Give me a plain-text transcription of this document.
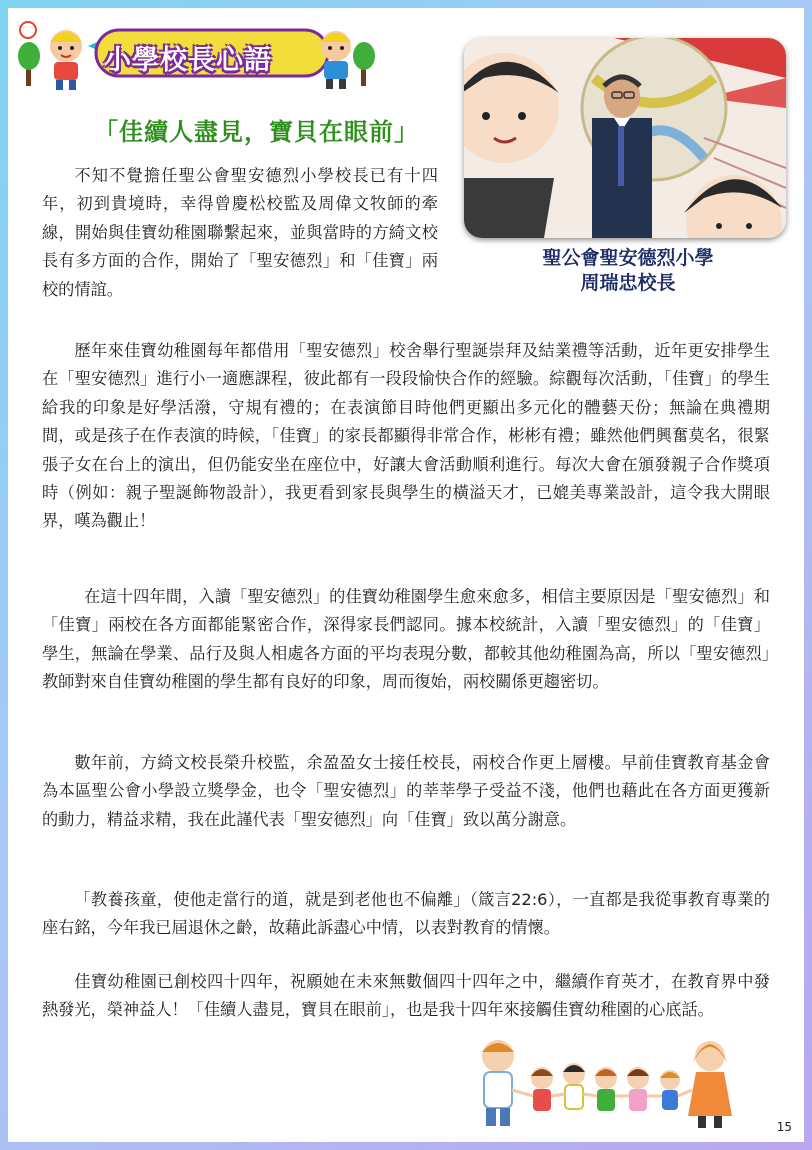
小學校長心語
「佳續人盡見，寶貝在眼前」
聖公會聖安德烈小學
周瑞忠校長
不知不覺擔任聖公會聖安德烈小學校長已有十四年，初到貴境時，幸得曾慶松校監及周偉文牧師的牽線，開始與佳寶幼稚園聯繫起來，並與當時的方綺文校長有多方面的合作，開始了「聖安德烈」和「佳寶」兩校的情誼。
歷年來佳寶幼稚園每年都借用「聖安德烈」校舍舉行聖誕崇拜及結業禮等活動，近年更安排學生在「聖安德烈」進行小一適應課程，彼此都有一段段愉快合作的經驗。綜觀每次活動，「佳寶」的學生給我的印象是好學活潑，守規有禮的；在表演節目時他們更顯出多元化的體藝天份；無論在典禮期間，或是孩子在作表演的時候，「佳寶」的家長都顯得非常合作，彬彬有禮；雖然他們興奮莫名，很緊張子女在台上的演出，但仍能安坐在座位中，好讓大會活動順利進行。每次大會在頒發親子合作獎項時（例如：親子聖誕飾物設計），我更看到家長與學生的橫溢天才，已媲美專業設計，這令我大開眼界，嘆為觀止！
在這十四年間，入讀「聖安德烈」的佳寶幼稚園學生愈來愈多，相信主要原因是「聖安德烈」和「佳寶」兩校在各方面都能緊密合作，深得家長們認同。據本校統計，入讀「聖安德烈」的「佳寶」學生，無論在學業、品行及與人相處各方面的平均表現分數，都較其他幼稚園為高，所以「聖安德烈」教師對來自佳寶幼稚園的學生都有良好的印象，周而復始，兩校關係更趨密切。
數年前，方綺文校長榮升校監，余盈盈女士接任校長，兩校合作更上層樓。早前佳寶教育基金會為本區聖公會小學設立獎學金，也令「聖安德烈」的莘莘學子受益不淺，他們也藉此在各方面更獲新的動力，精益求精，我在此謹代表「聖安德烈」向「佳寶」致以萬分謝意。
「教養孩童，使他走當行的道，就是到老他也不偏離」（箴言22:6），一直都是我從事教育專業的座右銘，今年我已屆退休之齡，故藉此訴盡心中情，以表對教育的情懷。
佳寶幼稚園已創校四十四年，祝願她在未來無數個四十四年之中，繼續作育英才，在教育界中發熱發光，榮神益人！「佳續人盡見，寶貝在眼前」，也是我十四年來接觸佳寶幼稚園的心底話。
15
